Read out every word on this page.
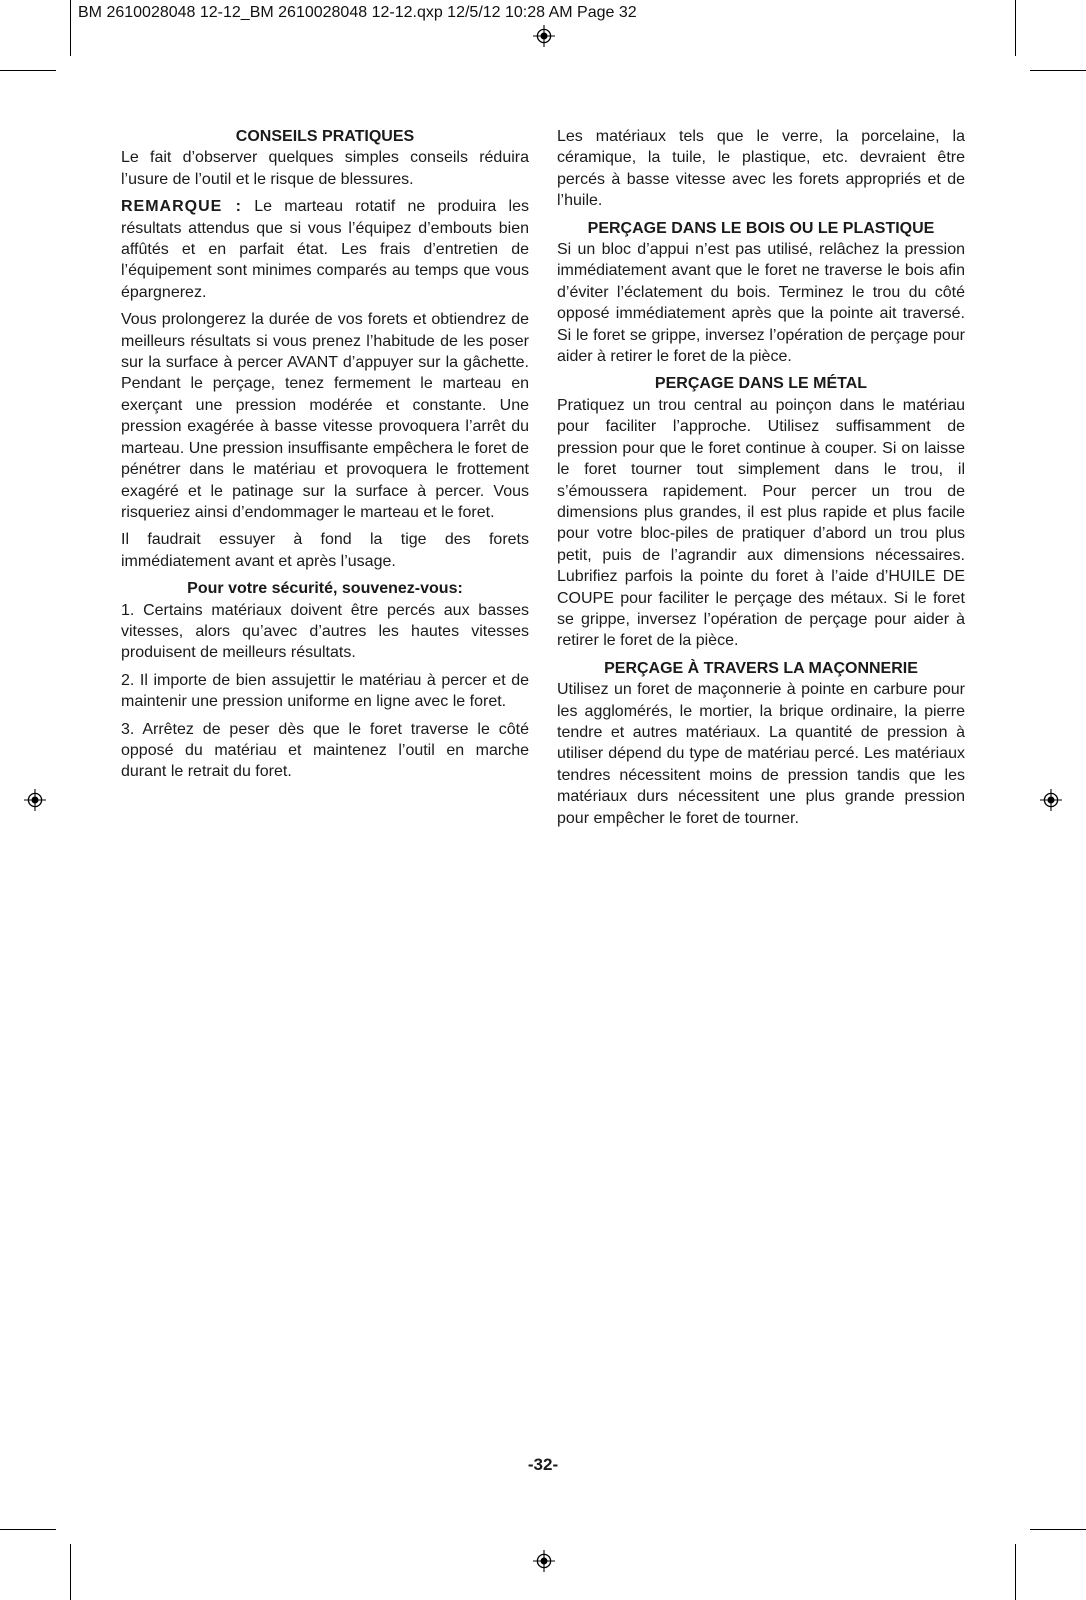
BM 2610028048 12-12_BM 2610028048 12-12.qxp 12/5/12 10:28 AM Page 32
CONSEILS PRATIQUES

Le fait d’observer quelques simples conseils réduira l’usure de l’outil et le risque de blessures.

REMARQUE : Le marteau rotatif ne produira les résultats attendus que si vous l’équipez d’embouts bien affûtés et en parfait état. Les frais d’entretien de l’équipement sont minimes comparés au temps que vous épargnerez.

Vous prolongerez la durée de vos forets et obtiendrez de meilleurs résultats si vous prenez l’habitude de les poser sur la surface à percer AVANT d’appuyer sur la gâchette. Pendant le perçage, tenez fermement le marteau en exerçant une pression modérée et constante. Une pression exagérée à basse vitesse provoquera l’arrêt du marteau. Une pression insuffisante empêchera le foret de pénétrer dans le matériau et provoquera le frottement exagéré et le patinage sur la surface à percer. Vous risqueriez ainsi d’endommager le marteau et le foret.

Il faudrait essuyer à fond la tige des forets immédiatement avant et après l’usage.

Pour votre sécurité, souvenez-vous:

1. Certains matériaux doivent être percés aux basses vitesses, alors qu’avec d’autres les hautes vitesses produisent de meilleurs résultats.

2. Il importe de bien assujettir le matériau à percer et de maintenir une pression uniforme en ligne avec le foret.

3. Arrêtez de peser dès que le foret traverse le côté opposé du matériau et maintenez l’outil en marche durant le retrait du foret.

Les matériaux tels que le verre, la porcelaine, la céramique, la tuile, le plastique, etc. devraient être percés à basse vitesse avec les forets appropriés et de l’huile.

PERÇAGE DANS LE BOIS OU LE PLASTIQUE

Si un bloc d’appui n’est pas utilisé, relâchez la pression immédiatement avant que le foret ne traverse le bois afin d’éviter l’éclatement du bois. Terminez le trou du côté opposé immédiatement après que la pointe ait traversé. Si le foret se grippe, inversez l’opération de perçage pour aider à retirer le foret de la pièce.

PERÇAGE DANS LE MÉTAL

Pratiquez un trou central au poinçon dans le matériau pour faciliter l’approche. Utilisez suffisamment de pression pour que le foret continue à couper. Si on laisse le foret tourner tout simplement dans le trou, il s’émoussera rapidement. Pour percer un trou de dimensions plus grandes, il est plus rapide et plus facile pour votre bloc-piles de pratiquer d’abord un trou plus petit, puis de l’agrandir aux dimensions nécessaires. Lubrifiez parfois la pointe du foret à l’aide d’HUILE DE COUPE pour faciliter le perçage des métaux. Si le foret se grippe, inversez l’opération de perçage pour aider à retirer le foret de la pièce.

PERÇAGE À TRAVERS LA MAÇONNERIE

Utilisez un foret de maçonnerie à pointe en carbure pour les agglomérés, le mortier, la brique ordinaire, la pierre tendre et autres matériaux. La quantité de pression à utiliser dépend du type de matériau percé. Les matériaux tendres nécessitent moins de pression tandis que les matériaux durs nécessitent une plus grande pression pour empêcher le foret de tourner.

-32-
